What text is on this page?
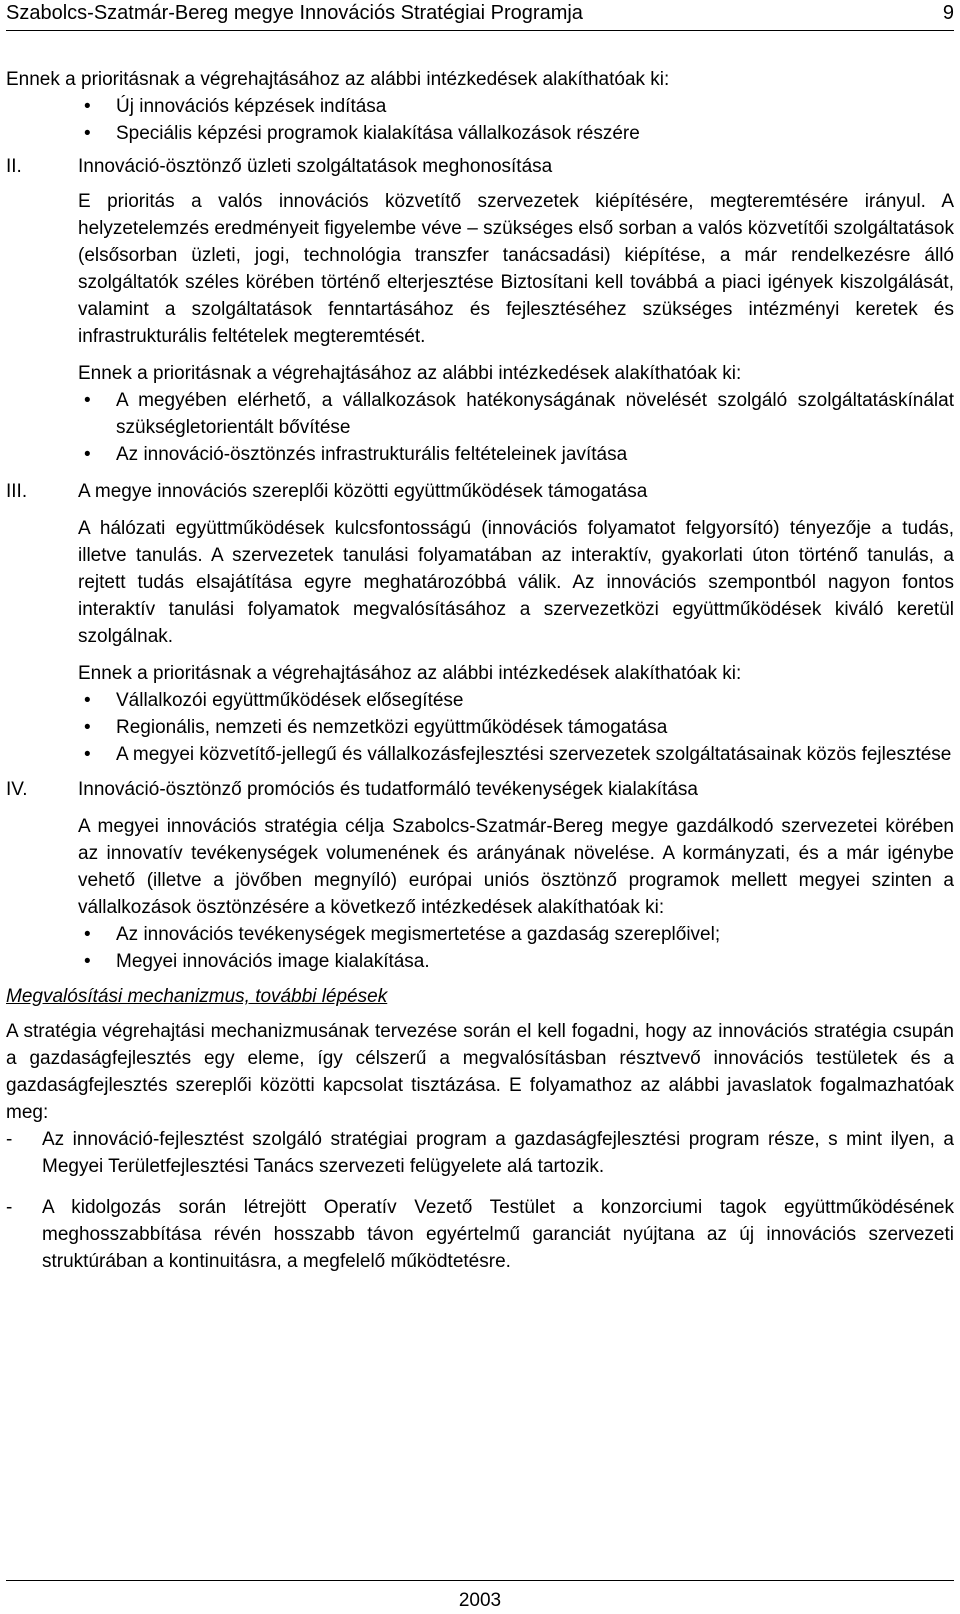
Szabolcs-Szatmár-Bereg megye Innovációs Stratégiai Programja	9

Ennek a prioritásnak a végrehajtásához az alábbi intézkedések alakíthatóak ki:

• Új innovációs képzések indítása
• Speciális képzési programok kialakítása vállalkozások részére
II.	Innováció-ösztönző üzleti szolgáltatások meghonosítása

E prioritás a valós innovációs közvetítő szervezetek kiépítésére, megteremtésére irányul. A helyzetelemzés eredményeit figyelembe véve – szükséges első sorban a valós közvetítői szolgáltatások (elsősorban üzleti, jogi, technológia transzfer tanácsadási) kiépítése, a már rendelkezésre álló szolgáltatók széles körében történő elterjesztése Biztosítani kell továbbá a piaci igények kiszolgálását, valamint a szolgáltatások fenntartásához és fejlesztéséhez szükséges intézményi keretek és infrastrukturális feltételek megteremtését.

Ennek a prioritásnak a végrehajtásához az alábbi intézkedések alakíthatóak ki:

• A megyében elérhető, a vállalkozások hatékonyságának növelését szolgáló szolgáltatáskínálat szükségletorientált bővítése
• Az innováció-ösztönzés infrastrukturális feltételeinek javítása
III.	A megye innovációs szereplői közötti együttműködések támogatása

A hálózati együttműködések kulcsfontosságú (innovációs folyamatot felgyorsító) tényezője a tudás, illetve tanulás. A szervezetek tanulási folyamatában az interaktív, gyakorlati úton történő tanulás, a rejtett tudás elsajátítása egyre meghatározóbbá válik. Az innovációs szempontból nagyon fontos interaktív tanulási folyamatok megvalósításához a szervezetközi együttműködések kiváló keretül szolgálnak.

Ennek a prioritásnak a végrehajtásához az alábbi intézkedések alakíthatóak ki:

• Vállalkozói együttműködések elősegítése
• Regionális, nemzeti és nemzetközi együttműködések támogatása
• A megyei közvetítő-jellegű és vállalkozásfejlesztési szervezetek szolgáltatásainak közös fejlesztése
IV.	Innováció-ösztönző promóciós és tudatformáló tevékenységek kialakítása

A megyei innovációs stratégia célja Szabolcs-Szatmár-Bereg megye gazdálkodó szervezetei körében az innovatív tevékenységek volumenének és arányának növelése. A kormányzati, és a már igénybe vehető (illetve a jövőben megnyíló) európai uniós ösztönző programok mellett megyei szinten a vállalkozások ösztönzésére a következő intézkedések alakíthatóak ki:

• Az innovációs tevékenységek megismertetése a gazdaság szereplőivel;
• Megyei innovációs image kialakítása.

Megvalósítási mechanizmus, további lépések

A stratégia végrehajtási mechanizmusának tervezése során el kell fogadni, hogy az innovációs stratégia csupán a gazdaságfejlesztés egy eleme, így célszerű a megvalósításban résztvevő innovációs testületek és a gazdaságfejlesztés szereplői közötti kapcsolat tisztázása. E folyamathoz az alábbi javaslatok fogalmazhatóak meg:

- Az innováció-fejlesztést szolgáló stratégiai program a gazdaságfejlesztési program része, s mint ilyen, a Megyei Területfejlesztési Tanács szervezeti felügyelete alá tartozik.
- A kidolgozás során létrejött Operatív Vezető Testület a konzorciumi tagok együttműködésének meghosszabbítása révén hosszabb távon egyértelmű garanciát nyújtana az új innovációs szervezeti struktúrában a kontinuitásra, a megfelelő működtetésre.
2003
